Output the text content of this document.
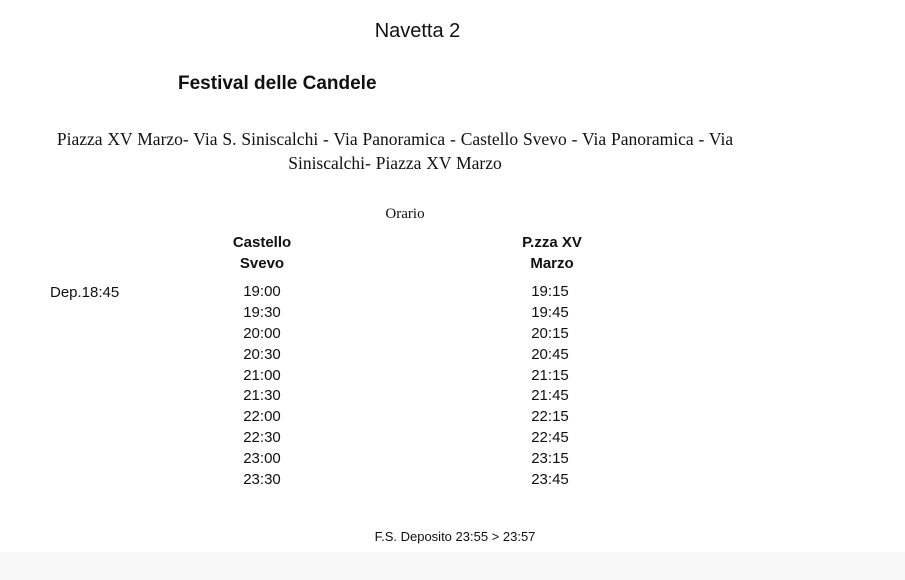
Navetta 2
Festival delle Candele
Piazza XV Marzo- Via S. Siniscalchi - Via Panoramica - Castello Svevo - Via Panoramica - Via
Siniscalchi- Piazza XV Marzo
Orario
Castello
Svevo
P.zza XV
Marzo
Dep.18:45	19:00
19:30
20:00
20:30
21:00
21:30
22:00
22:30
23:00
23:30
19:15
19:45
20:15
20:45
21:15
21:45
22:15
22:45
23:15
23:45
F.S. Deposito 23:55 > 23:57
